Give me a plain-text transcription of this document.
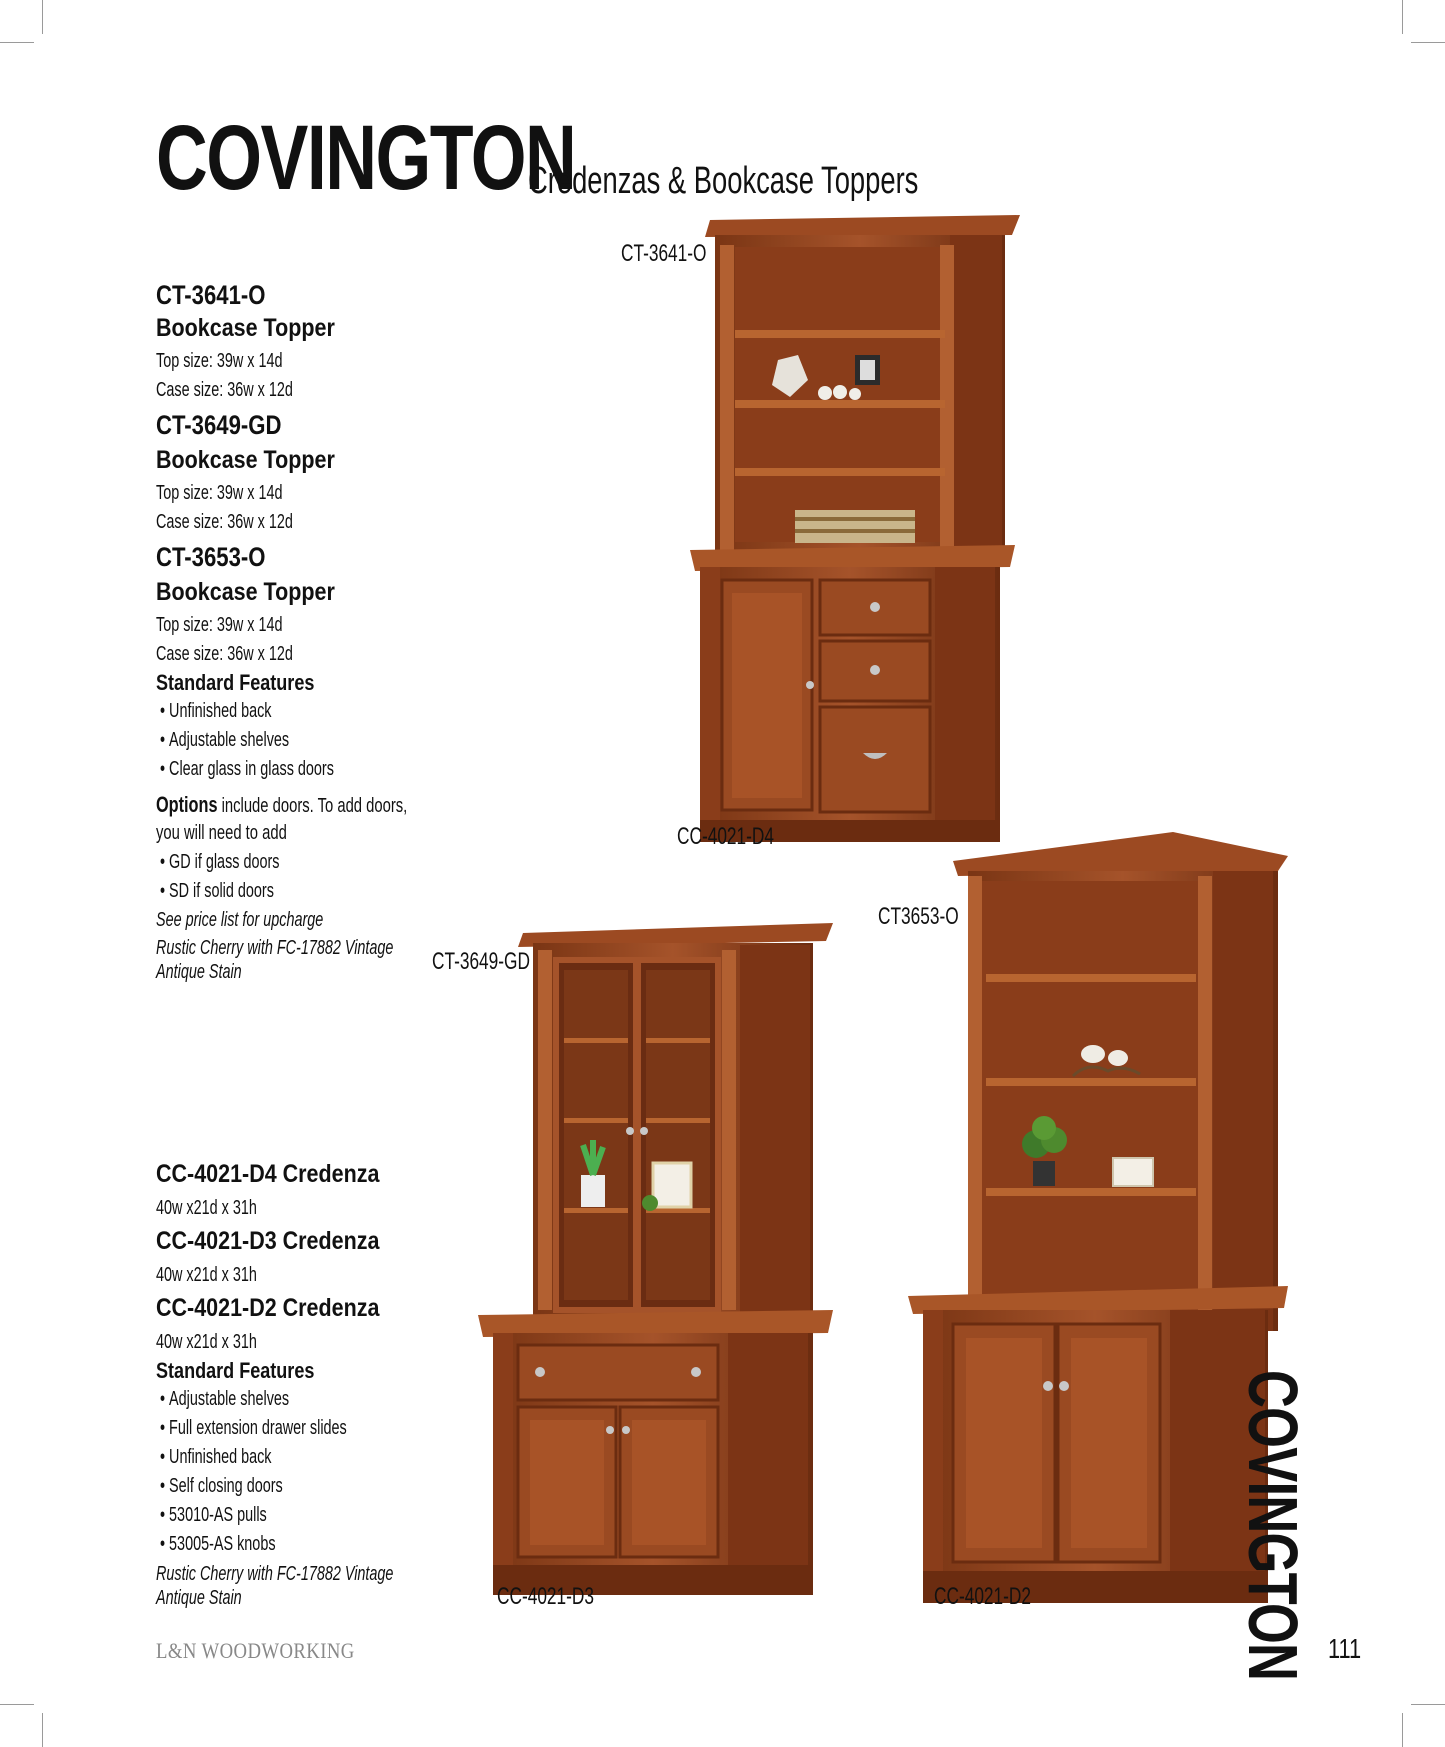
COVINGTON
Credenzas & Bookcase Toppers
CT-3641-O
Bookcase Topper
Top size: 39w x 14d
Case size: 36w x 12d
CT-3649-GD
Bookcase Topper
Top size: 39w x 14d
Case size: 36w x 12d
CT-3653-O
Bookcase Topper
Top size: 39w x 14d
Case size: 36w x 12d
Standard Features
• Unfinished back
• Adjustable shelves
• Clear glass in glass doors
Options include doors. To add doors,
you will need to add
• GD if glass doors
• SD if solid doors
See price list for upcharge
Rustic Cherry with FC-17882 Vintage
Antique Stain
CC-4021-D4 Credenza
40w x21d x 31h
CC-4021-D3 Credenza
40w x21d x 31h
CC-4021-D2 Credenza
40w x21d x 31h
Standard Features
• Adjustable shelves
• Full extension drawer slides
• Unfinished back
• Self closing doors
• 53010-AS pulls
• 53005-AS knobs
Rustic Cherry with FC-17882 Vintage
Antique Stain
CT-3641-O
CC-4021-D4
CT3653-O
CT-3649-GD
CC-4021-D3	CC-4021-D2	COVINGTON
L&N WOODWORKING	111
